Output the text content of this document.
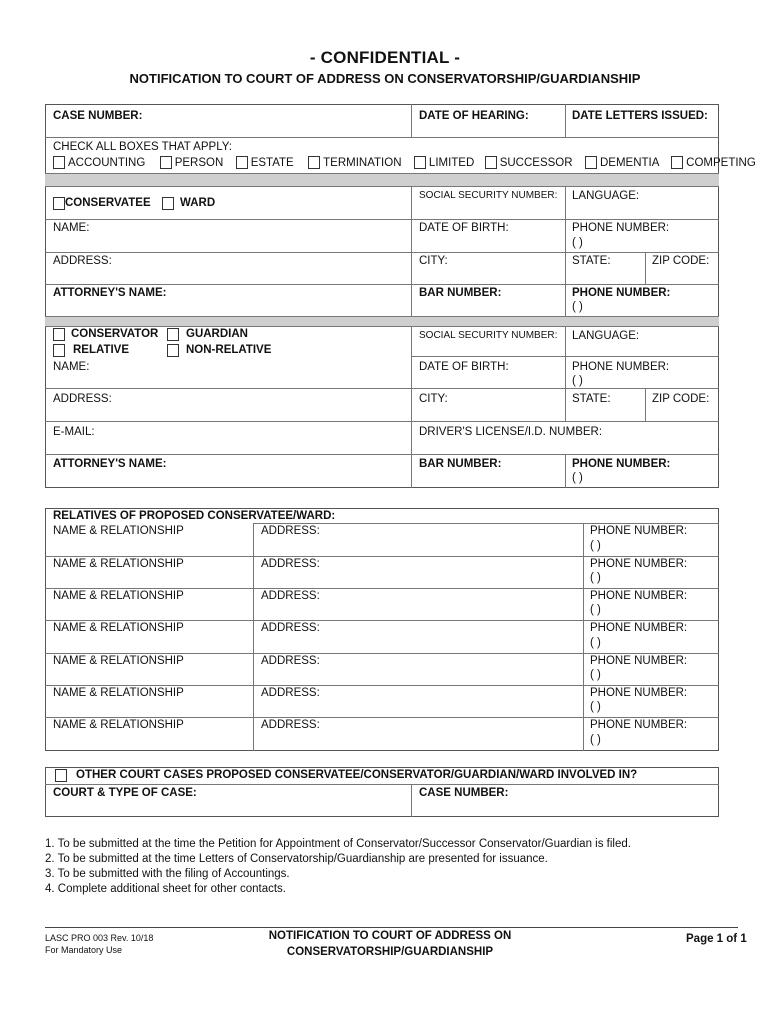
- CONFIDENTIAL -
NOTIFICATION TO COURT OF ADDRESS ON CONSERVATORSHIP/GUARDIANSHIP
CASE NUMBER:	DATE OF HEARING:	DATE LETTERS ISSUED:
CHECK ALL BOXES THAT APPLY:
ACCOUNTING	PERSON ESTATE	TERMINATION LIMITED SUCCESSOR DEMENTIA COMPETING
CONSERVATEE	WARD
SOCIAL SECURITY NUMBER: LANGUAGE:
NAME:	DATE OF BIRTH:	PHONE NUMBER:
( )
ADDRESS:	CITY:	STATE:	ZIP CODE:
ATTORNEY'S NAME:	BAR NUMBER:	PHONE NUMBER:
( )
CONSERVATOR
RELATIVE
GUARDIAN
NON-RELATIVE
SOCIAL SECURITY NUMBER: LANGUAGE:
NAME:	DATE OF BIRTH:	PHONE NUMBER:
( )
ADDRESS:	CITY:	STATE:	ZIP CODE:
E-MAIL:	DRIVER'S LICENSE/I.D. NUMBER:
ATTORNEY'S NAME:	BAR NUMBER:	PHONE NUMBER:
( )
RELATIVES OF PROPOSED CONSERVATEE/WARD:
NAME & RELATIONSHIP	ADDRESS:	PHONE NUMBER:
( )
NAME & RELATIONSHIP	ADDRESS:	PHONE NUMBER:
( )
NAME & RELATIONSHIP	ADDRESS:	PHONE NUMBER:
( )
NAME & RELATIONSHIP	ADDRESS:	PHONE NUMBER:
( )
NAME & RELATIONSHIP	ADDRESS:	PHONE NUMBER:
( )
NAME & RELATIONSHIP	ADDRESS:	PHONE NUMBER:
( )
NAME & RELATIONSHIP	ADDRESS:	PHONE NUMBER:
( )
OTHER COURT CASES PROPOSED CONSERVATEE/CONSERVATOR/GUARDIAN/WARD INVOLVED IN?
COURT & TYPE OF CASE:	CASE NUMBER:
1. To be submitted at the time the Petition for Appointment of Conservator/Successor Conservator/Guardian is filed.
2. To be submitted at the time Letters of Conservatorship/Guardianship are presented for issuance.
3. To be submitted with the filing of Accountings.
4. Complete additional sheet for other contacts.
LASC PRO 003 Rev. 10/18
For Mandatory Use
NOTIFICATION TO COURT OF ADDRESS ON
CONSERVATORSHIP/GUARDIANSHIP
Page 1 of 1
